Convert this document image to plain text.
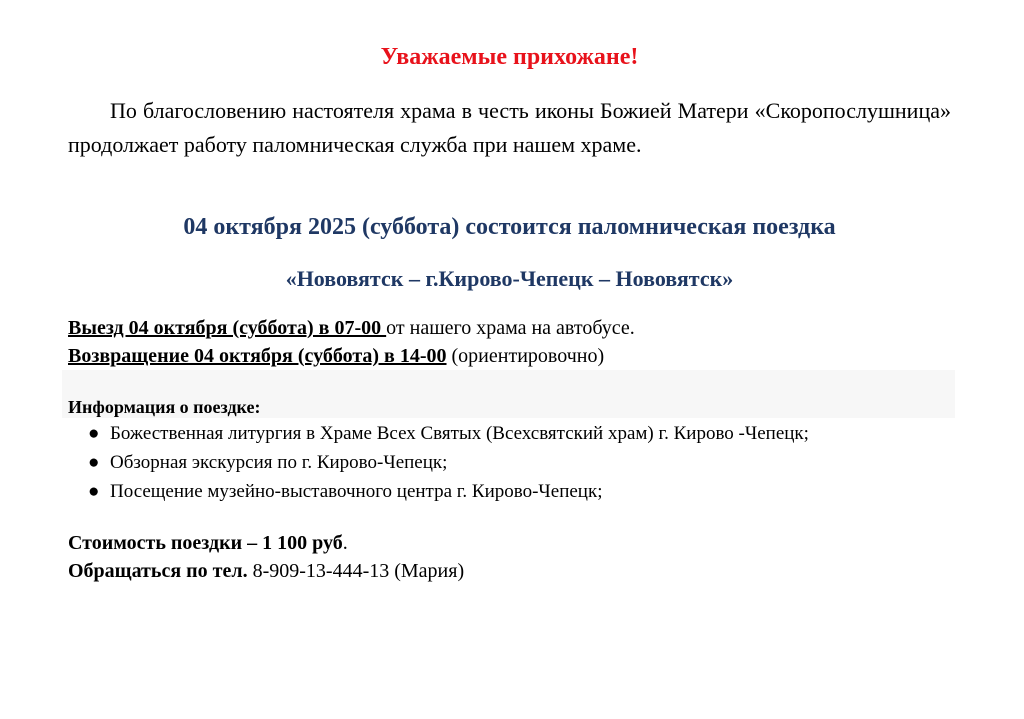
Уважаемые прихожане!

По благословению настоятеля храма в честь иконы Божией Матери «Скоропослушница» продолжает работу паломническая служба при нашем храме.

04 октября 2025 (суббота) состоится паломническая поездка
«Нововятск – г.Кирово-Чепецк – Нововятск»
Выезд 04 октября (суббота) в 07-00 от нашего храма на автобусе.
Возвращение 04 октября (суббота) в 14-00 (ориентировочно)
Информация о поездке:
● Божественная литургия в Храме Всех Святых (Всехсвятский храм) г. Кирово -Чепецк;
● Обзорная экскурсия по г. Кирово-Чепецк;
● Посещение музейно-выставочного центра г. Кирово-Чепецк;
Стоимость поездки – 1 100 руб.
Обращаться по тел. 8-909-13-444-13 (Мария)
